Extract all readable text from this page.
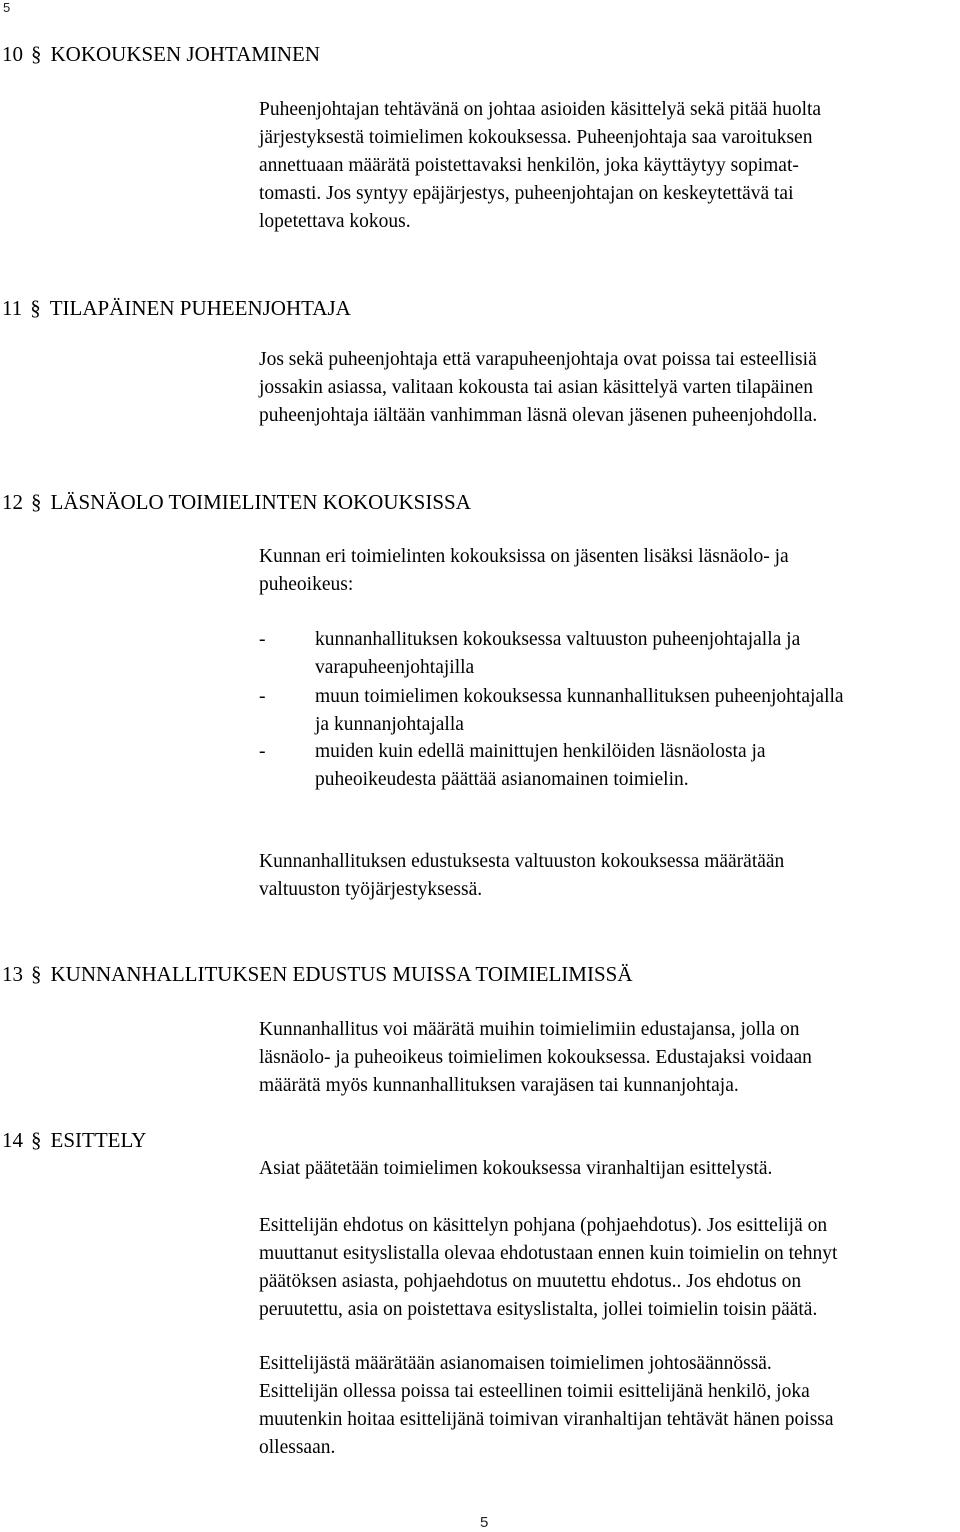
5
10 § KOKOUKSEN JOHTAMINEN
Puheenjohtajan tehtävänä on johtaa asioiden käsittelyä sekä pitää huolta
järjestyksestä toimielimen kokouksessa. Puheenjohtaja saa varoituksen
annettuaan määrätä poistettavaksi henkilön, joka käyttäytyy sopimat-
tomasti. Jos syntyy epäjärjestys, puheenjohtajan on keskeytettävä tai
lopetettava kokous.
11 § TILAPÄINEN PUHEENJOHTAJA
Jos sekä puheenjohtaja että varapuheenjohtaja ovat poissa tai esteellisiä
jossakin asiassa, valitaan kokousta tai asian käsittelyä varten tilapäinen
puheenjohtaja iältään vanhimman läsnä olevan jäsenen puheenjohdolla.
12 § LÄSNÄOLO TOIMIELINTEN KOKOUKSISSA
Kunnan eri toimielinten kokouksissa on jäsenten lisäksi läsnäolo- ja
puheoikeus:
-	kunnanhallituksen kokouksessa valtuuston puheenjohtajalla ja
varapuheenjohtajilla
-	muun toimielimen kokouksessa kunnanhallituksen puheenjohtajalla
ja kunnanjohtajalla
-	muiden kuin edellä mainittujen henkilöiden läsnäolosta ja
puheoikeudesta päättää asianomainen toimielin.
Kunnanhallituksen edustuksesta valtuuston kokouksessa määrätään
valtuuston työjärjestyksessä.
13 § KUNNANHALLITUKSEN EDUSTUS MUISSA TOIMIELIMISSÄ
Kunnanhallitus voi määrätä muihin toimielimiin edustajansa, jolla on
läsnäolo- ja puheoikeus toimielimen kokouksessa. Edustajaksi voidaan
määrätä myös kunnanhallituksen varajäsen tai kunnanjohtaja.
14 § ESITTELY
Asiat päätetään toimielimen kokouksessa viranhaltijan esittelystä.
Esittelijän ehdotus on käsittelyn pohjana (pohjaehdotus). Jos esittelijä on
muuttanut esityslistalla olevaa ehdotustaan ennen kuin toimielin on tehnyt
päätöksen asiasta, pohjaehdotus on muutettu ehdotus.. Jos ehdotus on
peruutettu, asia on poistettava esityslistalta, jollei toimielin toisin päätä.
Esittelijästä määrätään asianomaisen toimielimen johtosäännössä.
Esittelijän ollessa poissa tai esteellinen toimii esittelijänä henkilö, joka
muutenkin hoitaa esittelijänä toimivan viranhaltijan tehtävät hänen poissa
ollessaan.
5
